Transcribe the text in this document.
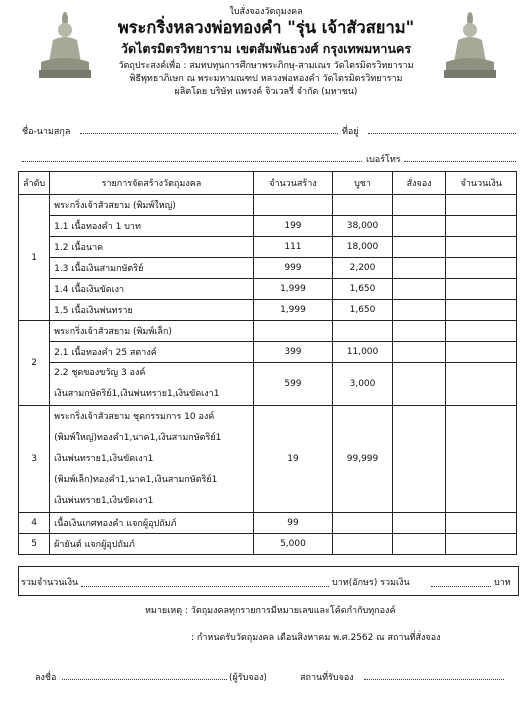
ใบสั่งจองวัตถุมงคล
พระกริ่งหลวงพ่อทองคำ "รุ่น เจ้าสัวสยาม"
วัดไตรมิตรวิทยาราม เขตสัมพันธวงศ์ กรุงเทพมหานคร
วัตถุประสงค์เพื่อ : สมทบทุนการศึกษาพระภิกษุ-สามเณร วัดไตรมิตรวิทยาราม
พิธีพุทธาภิเษก ณ พระมหามณฑป หลวงพ่อทองคำ วัดไตรมิตรวิทยาราม
ผลิตโดย บริษัท แพรงค์ จิวเวลรี่ จำกัด (มหาชน)
ชื่อ-นามสกุล	ที่อยู่
เบอร์โทร
ลำดับ	รายการจัดสร้างวัตถุมงคล	จำนวนสร้าง	บูชา	สั่งจอง	จำนวนเงิน
1	พระกริ่งเจ้าสัวสยาม (พิมพ์ใหญ่)				
	1.1 เนื้อทองคำ 1 บาท	199	38,000		
	1.2 เนื้อนาค	111	18,000		
	1.3 เนื้อเงินสามกษัตริย์	999	2,200		
	1.4 เนื้อเงินขัดเงา	1,999	1,650		
	1.5 เนื้อเงินพ่นทราย	1,999	1,650		
2	พระกริ่งเจ้าสัวสยาม (พิมพ์เล็ก)				
	2.1 เนื้อทองคำ 25 สตางค์	399	11,000		

	2.2 ชุดของขวัญ 3 องค์
เงินสามกษัตริย์1,เงินพ่นทราย1,เงินขัดเงา1	599	3,000		
3	พระกริ่งเจ้าสัวสยาม ชุดกรรมการ 10 องค์
(พิมพ์ใหญ่)ทองคำ1,นาค1,เงินสามกษัตริย์1
เงินพ่นทราย1,เงินขัดเงา1
(พิมพ์เล็ก)ทองคำ1,นาค1,เงินสามกษัตริย์1
เงินพ่นทราย1,เงินขัดเงา1	19	99,999		
4	เนื้อเงินเกศทองคำ แจกผู้อุปถัมภ์	99			
5	ผ้ายันต์ แจกผู้อุปถัมภ์	5,000			
รวมจำนวนเงิน	บาท(อักษร) รวมเงิน	บาท
หมายเหตุ : วัตถุมงคลทุกรายการมีหมายเลขและโค้ดกำกับทุกองค์
: กำหนดรับวัตถุมงคล เดือนสิงหาคม พ.ศ.2562 ณ สถานที่สั่งจอง
ลงชื่อ	(ผู้รับจอง)	สถานที่รับจอง
